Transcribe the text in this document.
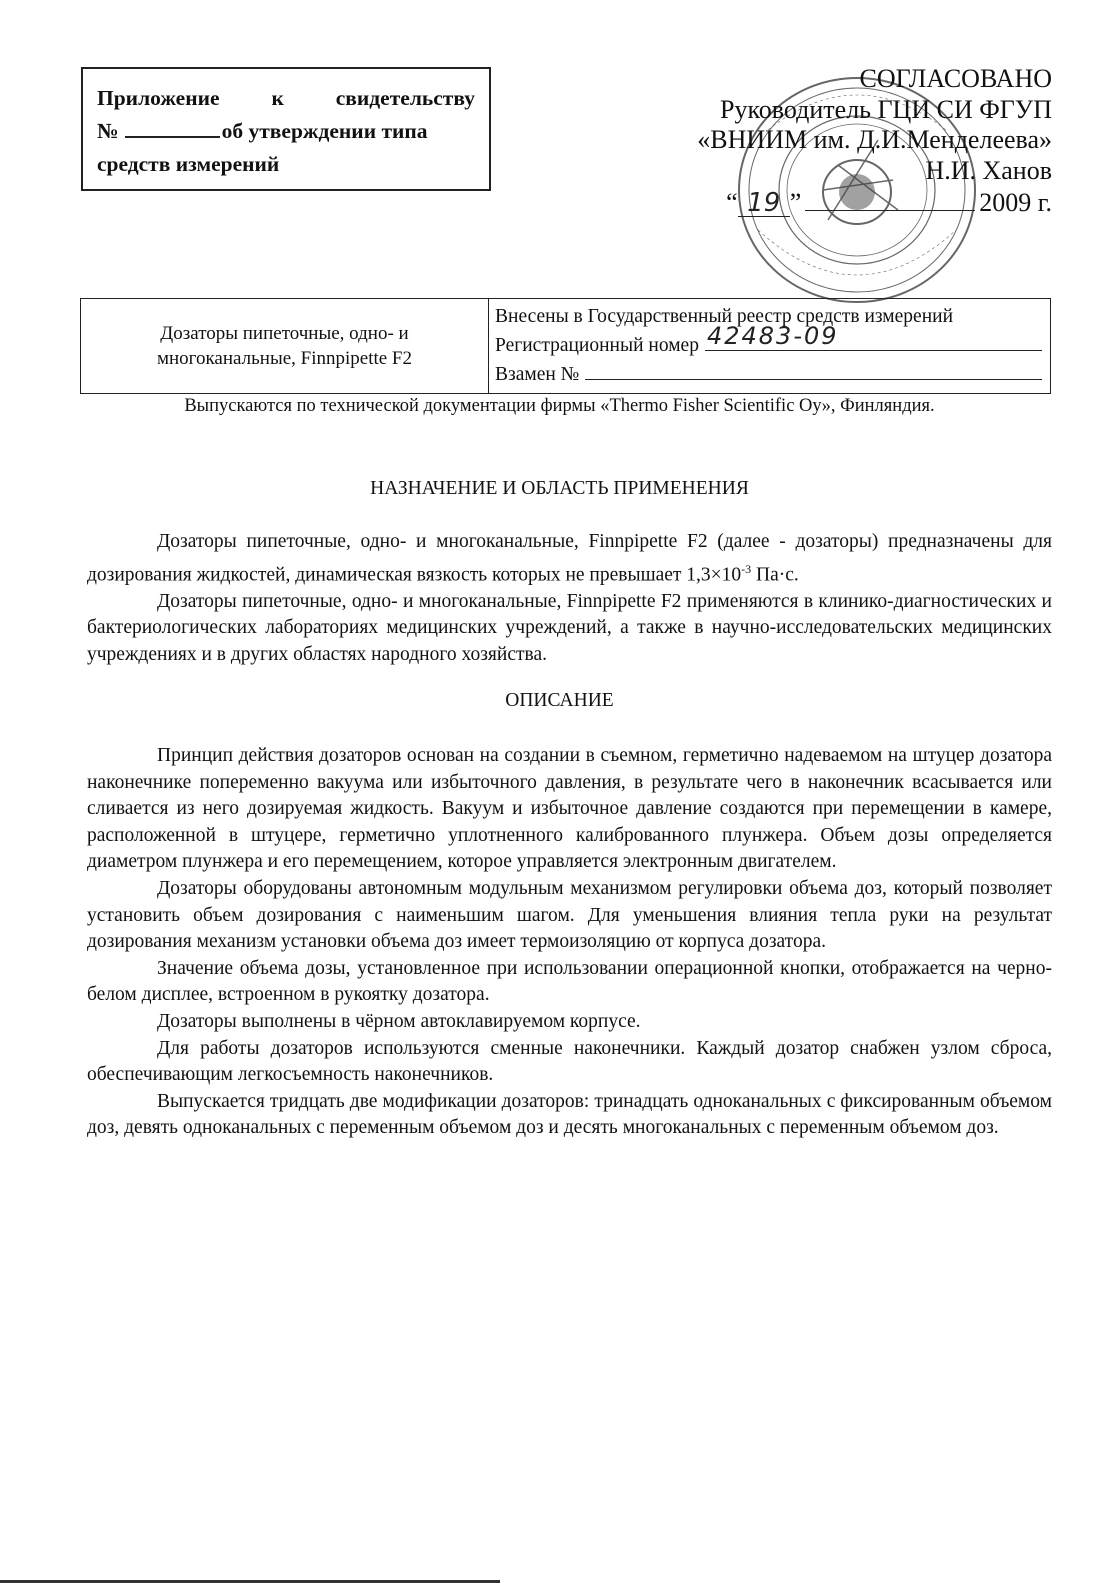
Приложение к свидетельству
№	об утверждении типа
средств измерений
СОГЛАСОВАНО
Руководитель ГЦИ СИ ФГУП
«ВНИИМ им. Д.И.Менделеева»
Н.И. Ханов
“ 19 ”	2009 г.
Дозаторы пипеточные, одно- и многоканальные, Finnpipette F2
Внесены в Государственный реестр средств измерений
Регистрационный номер 42483-09
Взамен №
Выпускаются по технической документации фирмы «Thermo Fisher Scientific Oy», Финляндия.
НАЗНАЧЕНИЕ И ОБЛАСТЬ ПРИМЕНЕНИЯ

Дозаторы пипеточные, одно- и многоканальные, Finnpipette F2 (далее - дозаторы) предназначены для дозирования жидкостей, динамическая вязкость которых не превышает $1,3\times 10^{-3}$ Па·с.

Дозаторы пипеточные, одно- и многоканальные, Finnpipette F2 применяются в клинико-диагностических и бактериологических лабораториях медицинских учреждений, а также в научно-исследовательских медицинских учреждениях и в других областях народного хозяйства.

ОПИСАНИЕ

Принцип действия дозаторов основан на создании в съемном, герметично надеваемом на штуцер дозатора наконечнике попеременно вакуума или избыточного давления, в результате чего в наконечник всасывается или сливается из него дозируемая жидкость. Вакуум и избыточное давление создаются при перемещении в камере, расположенной в штуцере, герметично уплотненного калиброванного плунжера. Объем дозы определяется диаметром плунжера и его перемещением, которое управляется электронным двигателем.

Дозаторы оборудованы автономным модульным механизмом регулировки объема доз, который позволяет установить объем дозирования с наименьшим шагом. Для уменьшения влияния тепла руки на результат дозирования механизм установки объема доз имеет термоизоляцию от корпуса дозатора.

Значение объема дозы, установленное при использовании операционной кнопки, отображается на черно-белом дисплее, встроенном в рукоятку дозатора.

Дозаторы выполнены в чёрном автоклавируемом корпусе.

Для работы дозаторов используются сменные наконечники. Каждый дозатор снабжен узлом сброса, обеспечивающим легкосъемность наконечников.

Выпускается тридцать две модификации дозаторов: тринадцать одноканальных с фиксированным объемом доз, девять одноканальных с переменным объемом доз и десять многоканальных с переменным объемом доз.
